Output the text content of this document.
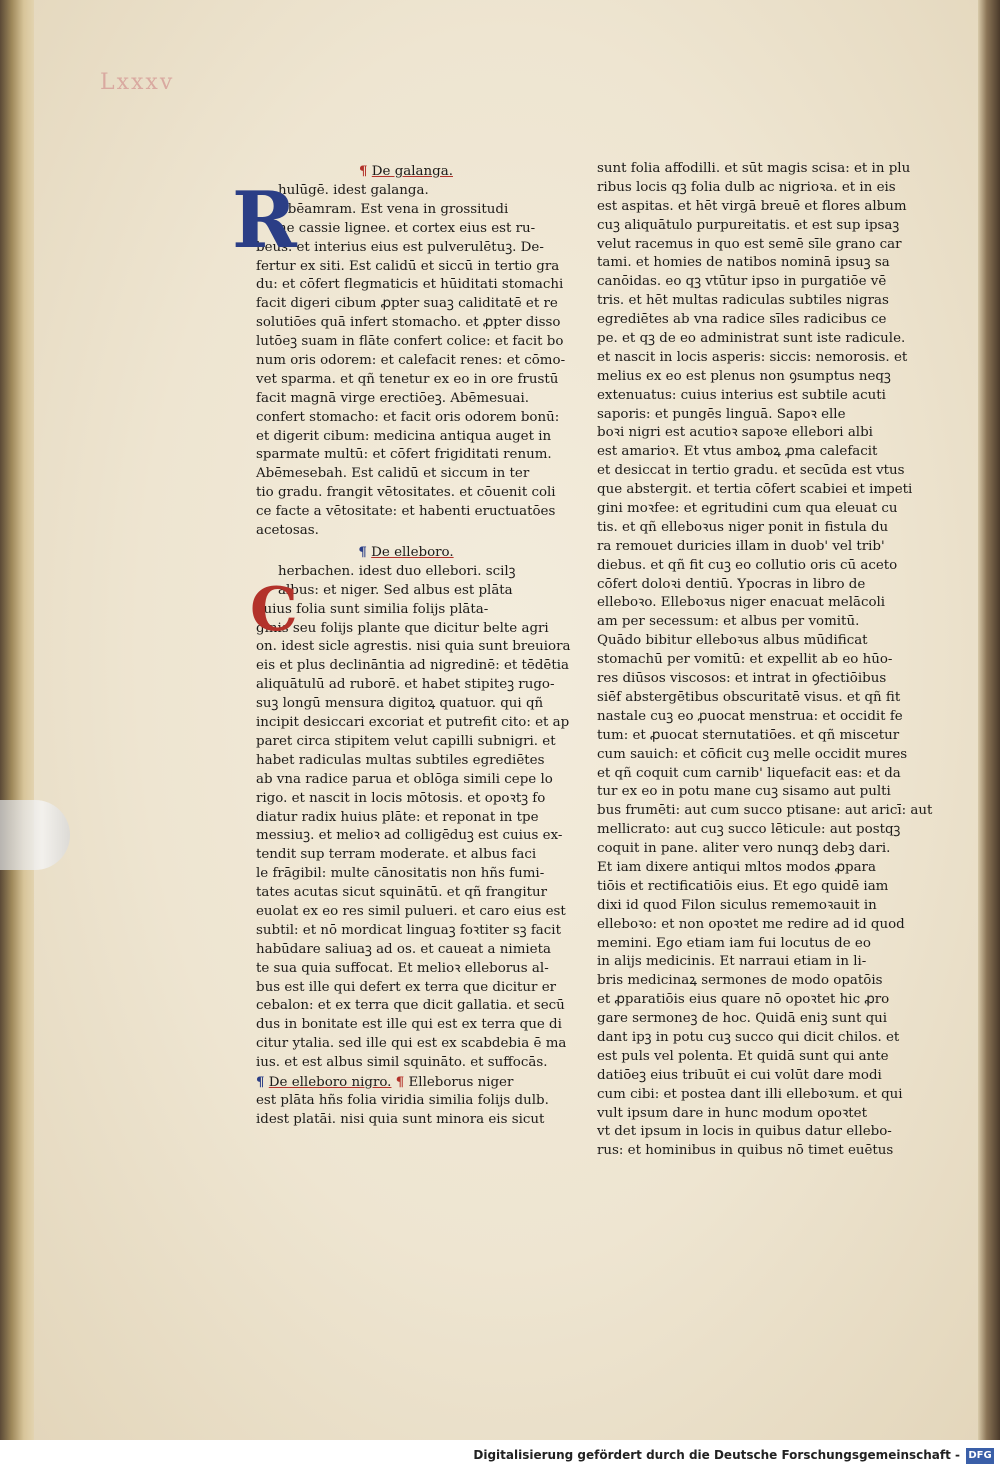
Lxxxv
¶ De galanga.
R
hulūgē. idest galanga.
Ebēamram. Est vena in grossitudi
ne cassie lignee. et cortex eius est ru-
beus. et interius eius est pulverulētuꝫ. De-
fertur ex siti. Est calidū et siccū in tertio gra
du: et cōfert flegmaticis et hūiditati stomachi
facit digeri cibum ꝓpter suaꝫ caliditatē et re
solutiōes quā infert stomacho. et ꝓpter disso
lutōeꝫ suam in flāte confert colice: et facit bo
num oris odorem: et calefacit renes: et cōmo-
vet sparma. et qñ tenetur ex eo in ore frustū
facit magnā virge erectiōeꝫ. Abēmesuai.
confert stomacho: et facit oris odorem bonū:
et digerit cibum: medicina antiqua auget in
sparmate multū: et cōfert frigiditati renum.
Abēmesebah. Est calidū et siccum in ter
tio gradu. frangit vētositates. et cōuenit coli
ce facte a vētositate: et habenti eructuatōes
acetosas.
¶ De elleboro.
herbachen. idest duo ellebori. scilꝫ
albus: et niger. Sed albus est plāta
cuius folia sunt similia folijs plāta-
ginis seu folijs plante que dicitur belte agri
on. idest sicle agrestis. nisi quia sunt breuiora
eis et plus declināntia ad nigredinē: et tēdētia
aliquātulū ad ruborē. et habet stipiteꝫ rugo-
suꝫ longū mensura digitoꝝ quatuor. qui qñ
incipit desiccari excoriat et putrefit cito: et ap
paret circa stipitem velut capilli subnigri. et
habet radiculas multas subtiles egrediētes
ab vna radice parua et oblōga simili cepe lo
rigo. et nascit in locis mōtosis. et opoꝛtꝫ fo
diatur radix huius plāte: et reponat in tpe
messiuꝫ. et melioꝛ ad colligēduꝫ est cuius ex-
tendit sup terram moderate. et albus faci
le frāgibil: multe cānositatis non hñs fumi-
tates acutas sicut squinātū. et qñ frangitur
euolat ex eo res simil pulueri. et caro eius est
subtil: et nō mordicat linguaꝫ foꝛtiter sꝫ facit
habūdare saliuaꝫ ad os. et caueat a nimieta
te sua quia suffocat. Et melioꝛ elleborus al-
bus est ille qui defert ex terra que dicitur er
cebalon: et ex terra que dicit gallatia. et secū
dus in bonitate est ille qui est ex terra que di
citur ytalia. sed ille qui est ex scabdebia ē ma
ius. et est albus simil squināto. et suffocās.
¶ De elleboro nigro. ¶ Elleborus niger
est plāta hñs folia viridia similia folijs dulb.
idest platāi. nisi quia sunt minora eis sicut
C
sunt folia affodilli. et sūt magis scisa: et in plu
ribus locis qꝫ folia dulb ac nigrioꝛa. et in eis
est aspitas. et hēt virgā breuē et flores album
cuꝫ aliquātulo purpureitatis. et est sup ipsaꝫ
velut racemus in quo est semē sīle grano car
tami. et homies de natibos nominā ipsuꝫ sa
canōidas. eo qꝫ vtūtur ipso in purgatiōe vē
tris. et hēt multas radiculas subtiles nigras
egrediētes ab vna radice sīles radicibus ce
pe. et qꝫ de eo administrat sunt iste radicule.
et nascit in locis asperis: siccis: nemorosis. et
melius ex eo est plenus non ꝯsumptus neqꝫ
extenuatus: cuius interius est subtile acuti
saporis: et pungēs linguā. Sapoꝛ elle
boꝛi nigri est acutioꝛ sapoꝛe ellebori albi
est amarioꝛ. Et vtus amboꝝ ꝓma calefacit
et desiccat in tertio gradu. et secūda est vtus
que abstergit. et tertia cōfert scabiei et impeti
gini moꝛfee: et egritudini cum qua eleuat cu
tis. et qñ elleboꝛus niger ponit in fistula du
ra remouet duricies illam in duob' vel trib'
diebus. et qñ fit cuꝫ eo collutio oris cū aceto
cōfert doloꝛi dentiū. Ypocras in libro de
elleboꝛo. Elleboꝛus niger enacuat melācoli
am per secessum: et albus per vomitū.
Quādo bibitur elleboꝛus albus mūdificat
stomachū per vomitū: et expellit ab eo hūo-
res diūsos viscosos: et intrat in ꝯfectiōibus
siēf abstergētibus obscuritatē visus. et qñ fit
nastale cuꝫ eo ꝓuocat menstrua: et occidit fe
tum: et ꝓuocat sternutatiōes. et qñ miscetur
cum sauich: et cōficit cuꝫ melle occidit mures
et qñ coquit cum carnib' liquefacit eas: et da
tur ex eo in potu mane cuꝫ sisamo aut pulti
bus frumēti: aut cum succo ptisane: aut aricī: aut
mellicrato: aut cuꝫ succo lēticule: aut postqꝫ
coquit in pane. aliter vero nunqꝫ debꝫ dari.
Et iam dixere antiqui mltos modos ꝓpara
tiōis et rectificatiōis eius. Et ego quidē iam
dixi id quod Filon siculus rememoꝛauit in
elleboꝛo: et non opoꝛtet me redire ad id quod
memini. Ego etiam iam fui locutus de eo
in alijs medicinis. Et narraui etiam in li-
bris medicinaꝝ sermones de modo opatōis
et ꝓparatiōis eius quare nō opoꝛtet hic ꝓro
gare sermoneꝫ de hoc. Quidā eniꝫ sunt qui
dant ipꝫ in potu cuꝫ succo qui dicit chilos. et
est puls vel polenta. Et quidā sunt qui ante
datiōeꝫ eius tribuūt ei cui volūt dare modi
cum cibi: et postea dant illi elleboꝛum. et qui
vult ipsum dare in hunc modum opoꝛtet
vt det ipsum in locis in quibus datur ellebo-
rus: et hominibus in quibus nō timet euētus
Digitalisierung gefördert durch die Deutsche Forschungsgemeinschaft - DFG
